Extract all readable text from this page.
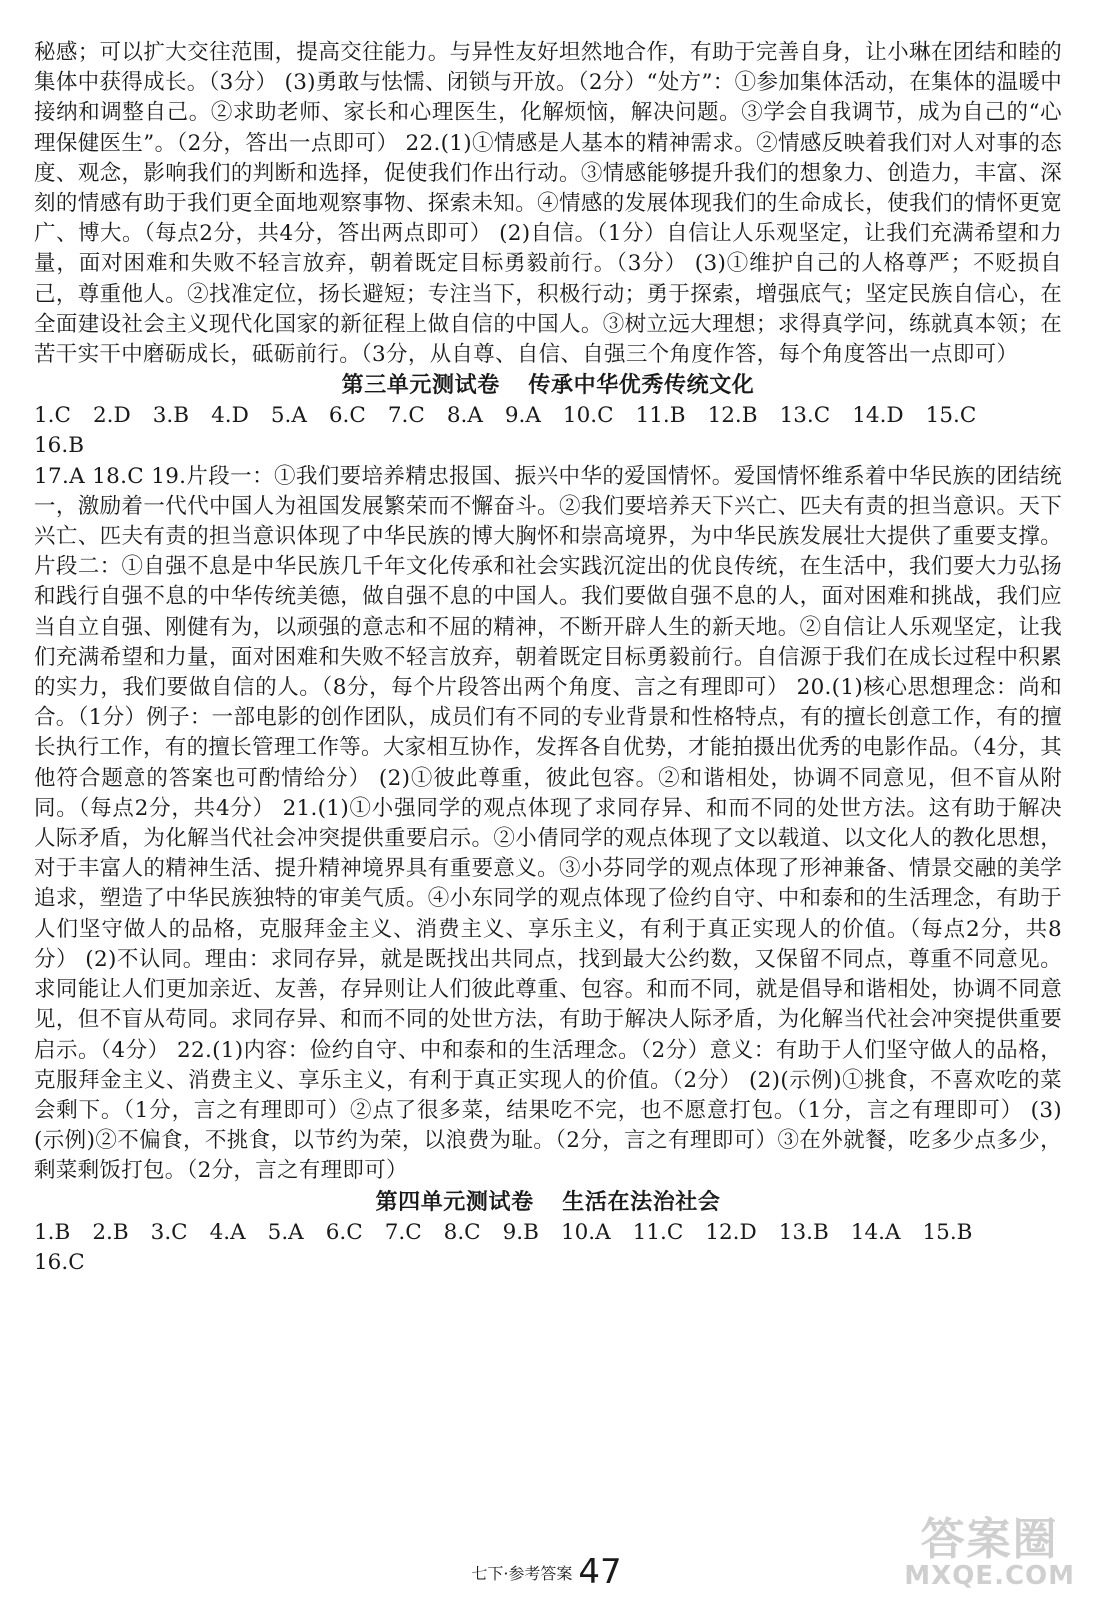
秘感；可以扩大交往范围，提高交往能力。与异性友好坦然地合作，有助于完善自身，让小琳在团结和睦的集体中获得成长。（3分） (3)勇敢与怯懦、闭锁与开放。（2分）“处方”：①参加集体活动，在集体的温暖中接纳和调整自己。②求助老师、家长和心理医生，化解烦恼，解决问题。③学会自我调节，成为自己的“心理保健医生”。（2分，答出一点即可） 22.(1)①情感是人基本的精神需求。②情感反映着我们对人对事的态度、观念，影响我们的判断和选择，促使我们作出行动。③情感能够提升我们的想象力、创造力，丰富、深刻的情感有助于我们更全面地观察事物、探索未知。④情感的发展体现我们的生命成长，使我们的情怀更宽广、博大。（每点2分，共4分，答出两点即可） (2)自信。（1分）自信让人乐观坚定，让我们充满希望和力量，面对困难和失败不轻言放弃，朝着既定目标勇毅前行。（3分） (3)①维护自己的人格尊严；不贬损自己，尊重他人。②找准定位，扬长避短；专注当下，积极行动；勇于探索，增强底气；坚定民族自信心，在全面建设社会主义现代化国家的新征程上做自信的中国人。③树立远大理想；求得真学问，练就真本领；在苦干实干中磨砺成长，砥砺前行。（3分，从自尊、自信、自强三个角度作答，每个角度答出一点即可）

第三单元测试卷 传承中华优秀传统文化
1.C 2.D 3.B 4.D 5.A 6.C 7.C 8.A 9.A 10.C 11.B 12.B 13.C 14.D 15.C
16.B

17.A 18.C 19.片段一：①我们要培养精忠报国、振兴中华的爱国情怀。爱国情怀维系着中华民族的团结统一，激励着一代代中国人为祖国发展繁荣而不懈奋斗。②我们要培养天下兴亡、匹夫有责的担当意识。天下兴亡、匹夫有责的担当意识体现了中华民族的博大胸怀和崇高境界，为中华民族发展壮大提供了重要支撑。片段二：①自强不息是中华民族几千年文化传承和社会实践沉淀出的优良传统，在生活中，我们要大力弘扬和践行自强不息的中华传统美德，做自强不息的中国人。我们要做自强不息的人，面对困难和挑战，我们应当自立自强、刚健有为，以顽强的意志和不屈的精神，不断开辟人生的新天地。②自信让人乐观坚定，让我们充满希望和力量，面对困难和失败不轻言放弃，朝着既定目标勇毅前行。自信源于我们在成长过程中积累的实力，我们要做自信的人。（8分，每个片段答出两个角度、言之有理即可） 20.(1)核心思想理念：尚和合。（1分）例子：一部电影的创作团队，成员们有不同的专业背景和性格特点，有的擅长创意工作，有的擅长执行工作，有的擅长管理工作等。大家相互协作，发挥各自优势，才能拍摄出优秀的电影作品。（4分，其他符合题意的答案也可酌情给分） (2)①彼此尊重，彼此包容。②和谐相处，协调不同意见，但不盲从附同。（每点2分，共4分） 21.(1)①小强同学的观点体现了求同存异、和而不同的处世方法。这有助于解决人际矛盾，为化解当代社会冲突提供重要启示。②小倩同学的观点体现了文以载道、以文化人的教化思想，对于丰富人的精神生活、提升精神境界具有重要意义。③小芬同学的观点体现了形神兼备、情景交融的美学追求，塑造了中华民族独特的审美气质。④小东同学的观点体现了俭约自守、中和泰和的生活理念，有助于人们坚守做人的品格，克服拜金主义、消费主义、享乐主义，有利于真正实现人的价值。（每点2分，共8分） (2)不认同。理由：求同存异，就是既找出共同点，找到最大公约数，又保留不同点，尊重不同意见。求同能让人们更加亲近、友善，存异则让人们彼此尊重、包容。和而不同，就是倡导和谐相处，协调不同意见，但不盲从苟同。求同存异、和而不同的处世方法，有助于解决人际矛盾，为化解当代社会冲突提供重要启示。（4分） 22.(1)内容：俭约自守、中和泰和的生活理念。（2分）意义：有助于人们坚守做人的品格，克服拜金主义、消费主义、享乐主义，有利于真正实现人的价值。（2分） (2)(示例)①挑食，不喜欢吃的菜会剩下。（1分，言之有理即可）②点了很多菜，结果吃不完，也不愿意打包。（1分，言之有理即可） (3)(示例)②不偏食，不挑食，以节约为荣，以浪费为耻。（2分，言之有理即可）③在外就餐，吃多少点多少，剩菜剩饭打包。（2分，言之有理即可）

第四单元测试卷 生活在法治社会
1.B 2.B 3.C 4.A 5.A 6.C 7.C 8.C 9.B 10.A 11.C 12.D 13.B 14.A 15.B
16.C
七下·参考答案 47
答案圈
MXQE.COM
